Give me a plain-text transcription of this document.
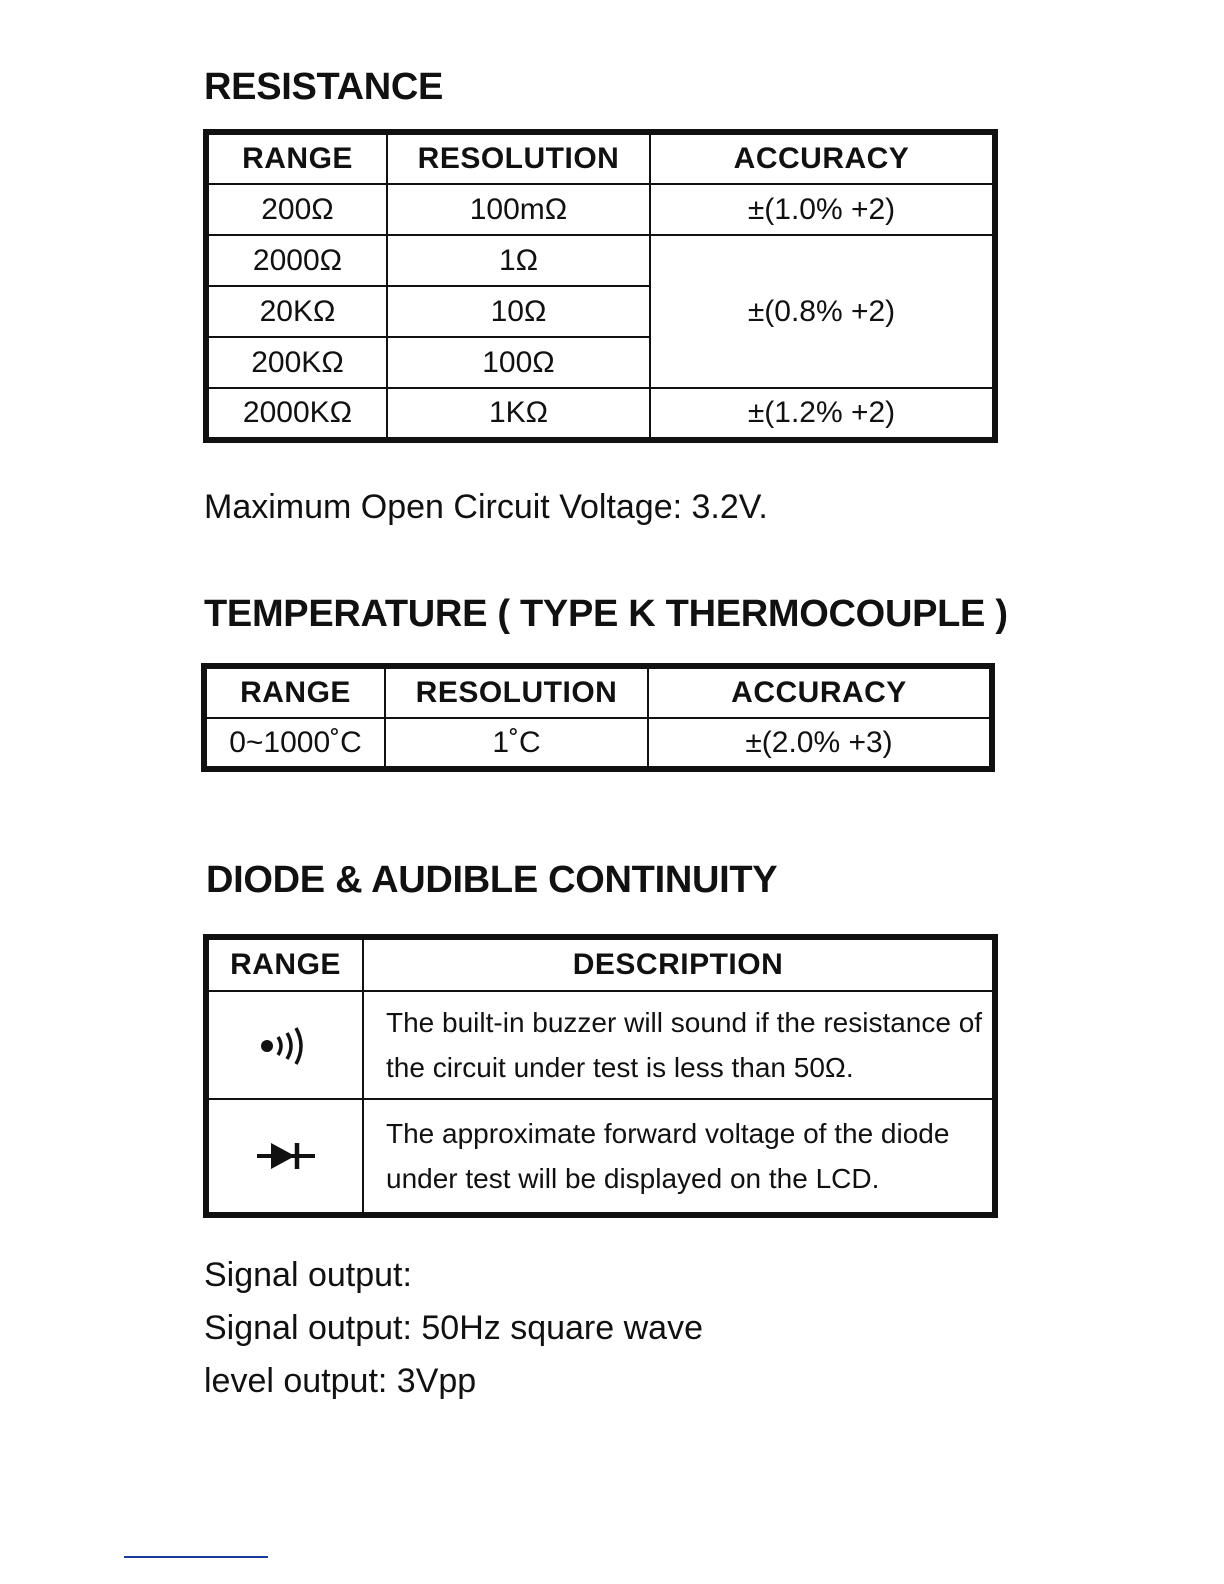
RESISTANCE
RANGE	RESOLUTION	ACCURACY
200Ω	100mΩ	±(1.0% +2)
2000Ω	1Ω	±(0.8% +2)
20KΩ	10Ω	
200KΩ	100Ω	
2000KΩ	1KΩ	±(1.2% +2)

Maximum Open Circuit Voltage: 3.2V.

TEMPERATURE ( TYPE K THERMOCOUPLE )
RANGE	RESOLUTION	ACCURACY
0~1000˚C	1˚C	±(2.0% +3)
DIODE & AUDIBLE CONTINUITY
RANGE	DESCRIPTION

	The built-in buzzer will sound if the resistance of the circuit under test is less than 50Ω.

	The approximate forward voltage of the diode under test will be displayed on the LCD.

Signal output:

Signal output: 50Hz square wave

level output: 3Vpp
